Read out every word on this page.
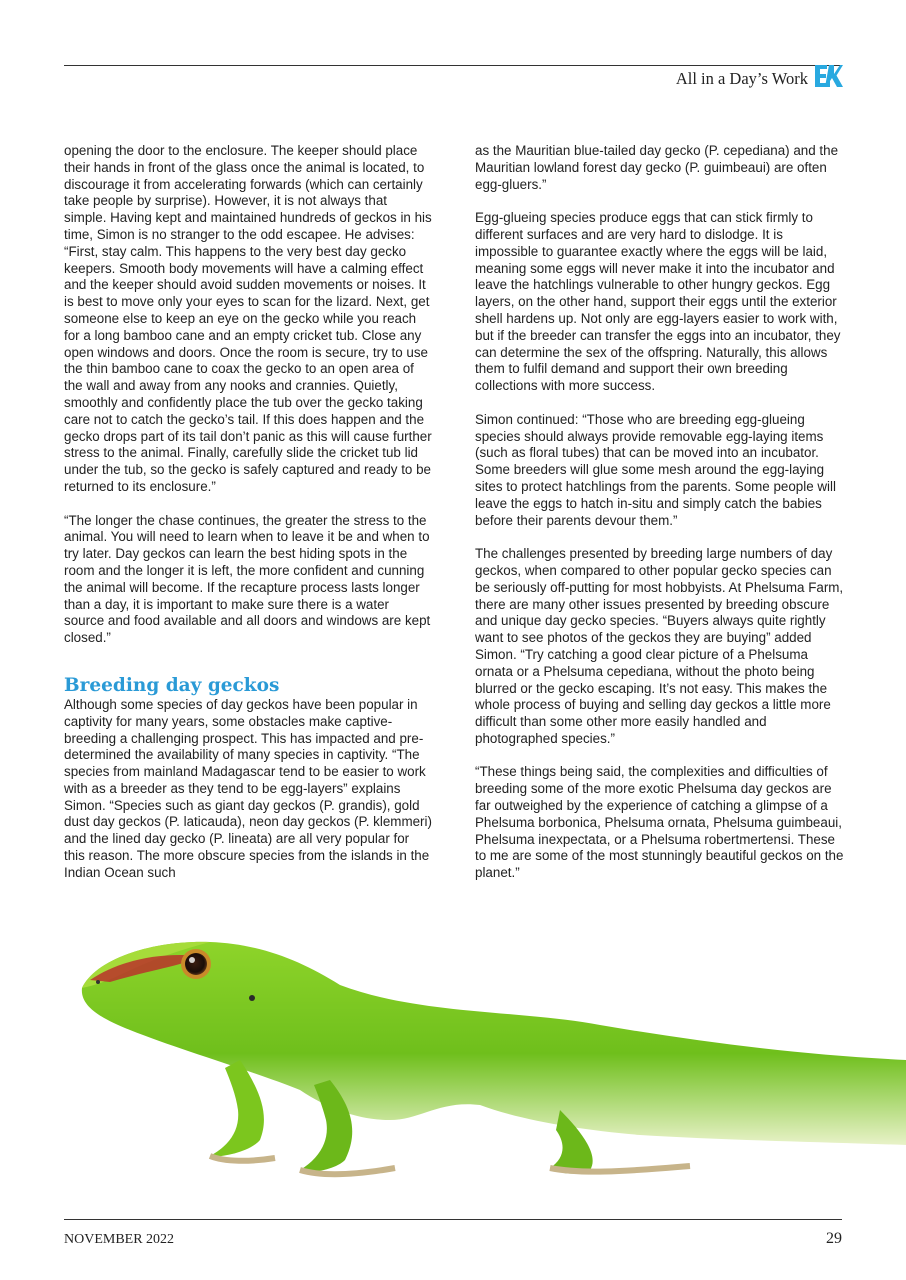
All in a Day’s Work

opening the door to the enclosure. The keeper should place their hands in front of the glass once the animal is located, to discourage it from accelerating forwards (which can certainly take people by surprise). However, it is not always that simple. Having kept and maintained hundreds of geckos in his time, Simon is no stranger to the odd escapee. He advises: “First, stay calm. This happens to the very best day gecko keepers. Smooth body movements will have a calming effect and the keeper should avoid sudden movements or noises. It is best to move only your eyes to scan for the lizard. Next, get someone else to keep an eye on the gecko while you reach for a long bamboo cane and an empty cricket tub. Close any open windows and doors. Once the room is secure, try to use the thin bamboo cane to coax the gecko to an open area of the wall and away from any nooks and crannies. Quietly, smoothly and confidently place the tub over the gecko taking care not to catch the gecko’s tail. If this does happen and the gecko drops part of its tail don’t panic as this will cause further stress to the animal. Finally, carefully slide the cricket tub lid under the tub, so the gecko is safely captured and ready to be returned to its enclosure.”

“The longer the chase continues, the greater the stress to the animal. You will need to learn when to leave it be and when to try later. Day geckos can learn the best hiding spots in the room and the longer it is left, the more confident and cunning the animal will become. If the recapture process lasts longer than a day, it is important to make sure there is a water source and food available and all doors and windows are kept closed.”

Breeding day geckos

Although some species of day geckos have been popular in captivity for many years, some obstacles make captive-breeding a challenging prospect. This has impacted and pre-determined the availability of many species in captivity. “The species from mainland Madagascar tend to be easier to work with as a breeder as they tend to be egg-layers” explains Simon. “Species such as giant day geckos (P. grandis), gold dust day geckos (P. laticauda), neon day geckos (P. klemmeri) and the lined day gecko (P. lineata) are all very popular for this reason. The more obscure species from the islands in the Indian Ocean such

as the Mauritian blue-tailed day gecko (P. cepediana) and the Mauritian lowland forest day gecko (P. guimbeaui) are often egg-gluers.”

Egg-glueing species produce eggs that can stick firmly to different surfaces and are very hard to dislodge. It is impossible to guarantee exactly where the eggs will be laid, meaning some eggs will never make it into the incubator and leave the hatchlings vulnerable to other hungry geckos. Egg layers, on the other hand, support their eggs until the exterior shell hardens up. Not only are egg-layers easier to work with, but if the breeder can transfer the eggs into an incubator, they can determine the sex of the offspring. Naturally, this allows them to fulfil demand and support their own breeding collections with more success.

Simon continued: “Those who are breeding egg-glueing species should always provide removable egg-laying items (such as floral tubes) that can be moved into an incubator. Some breeders will glue some mesh around the egg-laying sites to protect hatchlings from the parents. Some people will leave the eggs to hatch in-situ and simply catch the babies before their parents devour them.”

The challenges presented by breeding large numbers of day geckos, when compared to other popular gecko species can be seriously off-putting for most hobbyists. At Phelsuma Farm, there are many other issues presented by breeding obscure and unique day gecko species. “Buyers always quite rightly want to see photos of the geckos they are buying” added Simon. “Try catching a good clear picture of a Phelsuma ornata or a Phelsuma cepediana, without the photo being blurred or the gecko escaping. It’s not easy. This makes the whole process of buying and selling day geckos a little more difficult than some other more easily handled and photographed species.”

“These things being said, the complexities and difficulties of breeding some of the more exotic Phelsuma day geckos are far outweighed by the experience of catching a glimpse of a Phelsuma borbonica, Phelsuma ornata, Phelsuma guimbeaui, Phelsuma inexpectata, or a Phelsuma robertmertensi. These to me are some of the most stunningly beautiful geckos on the planet.”

NOVEMBER 2022	29
